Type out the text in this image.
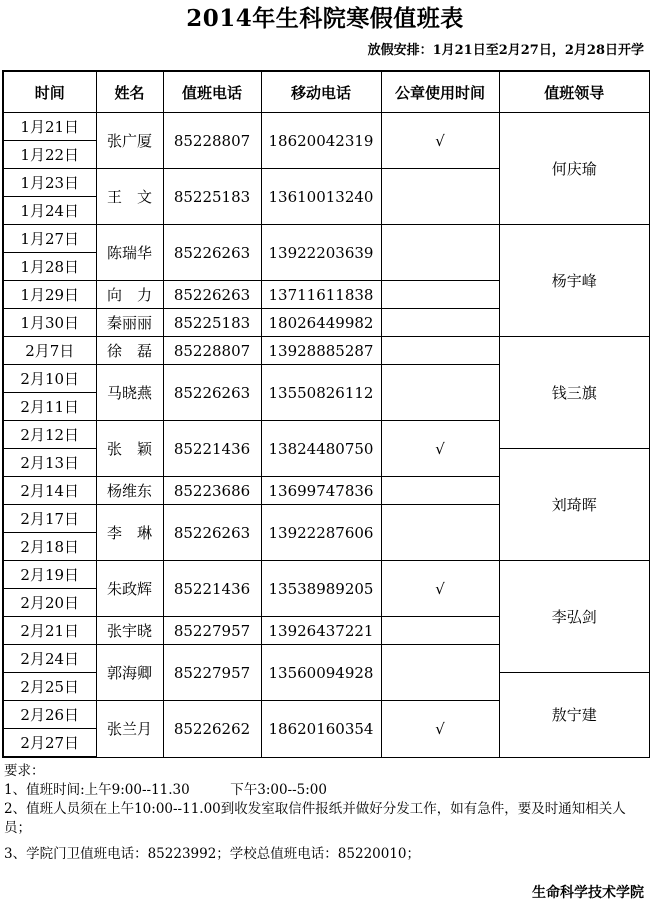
2014年生科院寒假值班表
放假安排：1月21日至2月27日，2月28日开学
时间	姓名	值班电话	移动电话	公章使用时间	值班领导
1月21日	张广厦	85228807	18620042319	√	何庆瑜
1月22日					
1月23日	王　文	85225183	13610013240		
1月24日					
1月27日	陈瑞华	85226263	13922203639		杨宇峰
1月28日					
1月29日	向　力	85226263	13711611838		
1月30日	秦丽丽	85225183	18026449982		
2月7日	徐　磊	85228807	13928885287		钱三旗
2月10日	马晓燕	85226263	13550826112		
2月11日					
2月12日	张　颖	85221436	13824480750	√	
2月13日					刘琦晖
2月14日	杨维东	85223686	13699747836		
2月17日	李　琳	85226263	13922287606		
2月18日					
2月19日	朱政辉	85221436	13538989205	√	李弘剑
2月20日					
2月21日	张宇晓	85227957	13926437221		
2月24日	郭海卿	85227957	13560094928		
2月25日					敖宁建
2月26日	张兰月	85226262	18620160354	√	
2月27日					

要求：

1、值班时间:上午9:00--11.30　　　下午3:00--5:00

2、值班人员须在上午10:00--11.00到收发室取信件报纸并做好分发工作，如有急件，要及时通知相关人员；

3、学院门卫值班电话：85223992；学校总值班电话：85220010；

生命科学技术学院
